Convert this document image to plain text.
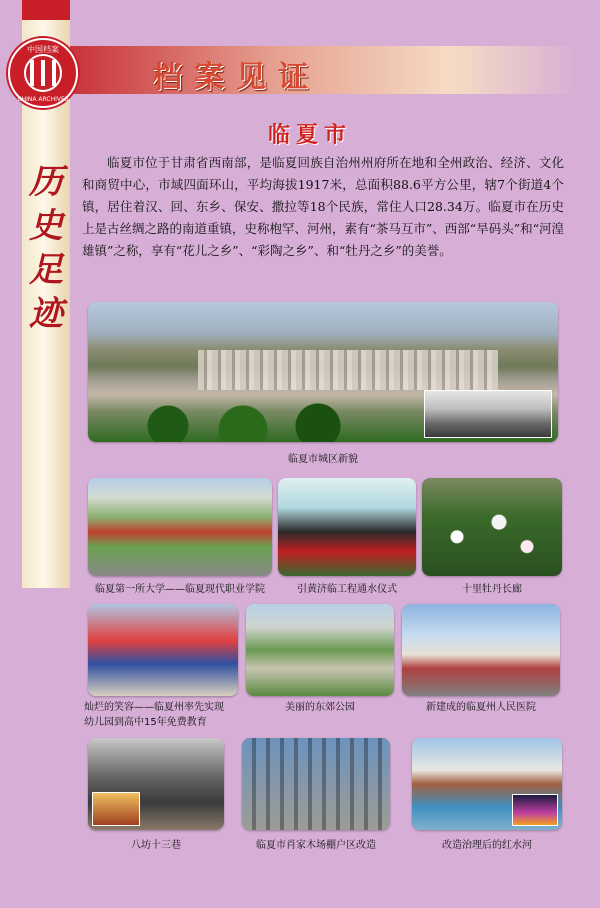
历
史
足
迹
档案见证
中国档案
CHINA ARCHIVES
临夏市

临夏市位于甘肃省西南部，是临夏回族自治州州府所在地和全州政治、经济、文化和商贸中心，市域四面环山，平均海拔1917米，总面积88.6平方公里，辖7个街道4个镇，居住着汉、回、东乡、保安、撒拉等18个民族，常住人口28.34万。临夏市在历史上是古丝绸之路的南道重镇，史称枹罕、河州，素有“茶马互市”、西部“旱码头”和“河湟雄镇”之称，享有“花儿之乡”、“彩陶之乡”、和“牡丹之乡”的美誉。

临夏市城区新貌
临夏第一所大学——临夏现代职业学院	引黄济临工程通水仪式	十里牡丹长廊
灿烂的笑容——临夏州率先实现
幼儿园到高中15年免费教育
美丽的东郊公园	新建成的临夏州人民医院
八坊十三巷	临夏市肖家木场棚户区改造	改造治理后的红水河
